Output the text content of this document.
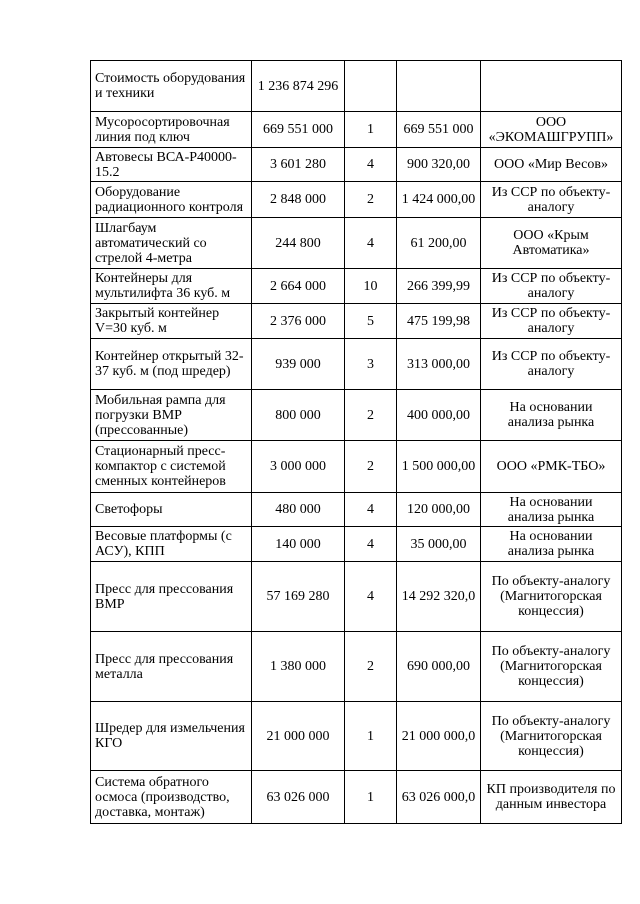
Стоимость оборудования и техники	1 236 874 296			
Мусоросортировочная линия под ключ	669 551 000	1	669 551 000	ООО «ЭКОМАШГРУПП»
Автовесы ВСА-Р40000-15.2	3 601 280	4	900 320,00	ООО «Мир Весов»
Оборудование радиационного контроля	2 848 000	2	1 424 000,00	Из ССР по объекту-аналогу
Шлагбаум автоматический со стрелой 4-метра	244 800	4	61 200,00	ООО «Крым Автоматика»
Контейнеры для мультилифта 36 куб. м	2 664 000	10	266 399,99	Из ССР по объекту-аналогу
Закрытый контейнер V=30 куб. м	2 376 000	5	475 199,98	Из ССР по объекту-аналогу
Контейнер открытый 32-37 куб. м (под шредер)	939 000	3	313 000,00	Из ССР по объекту-аналогу
Мобильная рампа для погрузки ВМР (прессованные)	800 000	2	400 000,00	На основании анализа рынка
Стационарный пресс-компактор с системой сменных контейнеров	3 000 000	2	1 500 000,00	ООО «РМК-ТБО»
Светофоры	480 000	4	120 000,00	На основании анализа рынка
Весовые платформы (с АСУ), КПП	140 000	4	35 000,00	На основании анализа рынка
Пресс для прессования ВМР	57 169 280	4	14 292 320,0	По объекту-аналогу (Магнитогорская концессия)
Пресс для прессования металла	1 380 000	2	690 000,00	По объекту-аналогу (Магнитогорская концессия)
Шредер для измельчения КГО	21 000 000	1	21 000 000,0	По объекту-аналогу (Магнитогорская концессия)
Система обратного осмоса (производство, доставка, монтаж)	63 026 000	1	63 026 000,0	КП производителя по данным инвестора
